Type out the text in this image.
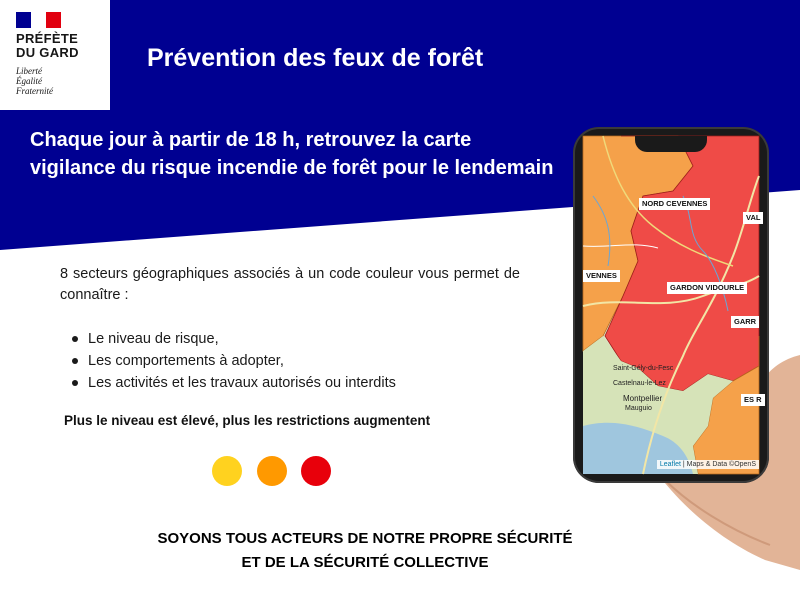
PRÉFÈTE
DU GARD
Liberté
Égalité
Fraternité
Prévention des feux de forêt
Chaque jour à partir de 18 h, retrouvez la carte vigilance du risque incendie de forêt pour le lendemain
8 secteurs géographiques associés à un code couleur vous permet de connaître :
Le niveau de risque,
Les comportements à adopter,
Les activités et les travaux autorisés ou interdits
Plus le niveau est élevé, plus les restrictions augmentent
SOYONS TOUS ACTEURS DE NOTRE PROPRE SÉCURITÉ
ET DE LA SÉCURITÉ COLLECTIVE
NORD CEVENNES
VAL
VENNES
GARDON VIDOURLE
GARR
ES R
Saint-Gély-du-Fesc
Castelnau-le-Lez
Montpellier
Mauguio
Leaflet | Maps & Data ©OpenS
